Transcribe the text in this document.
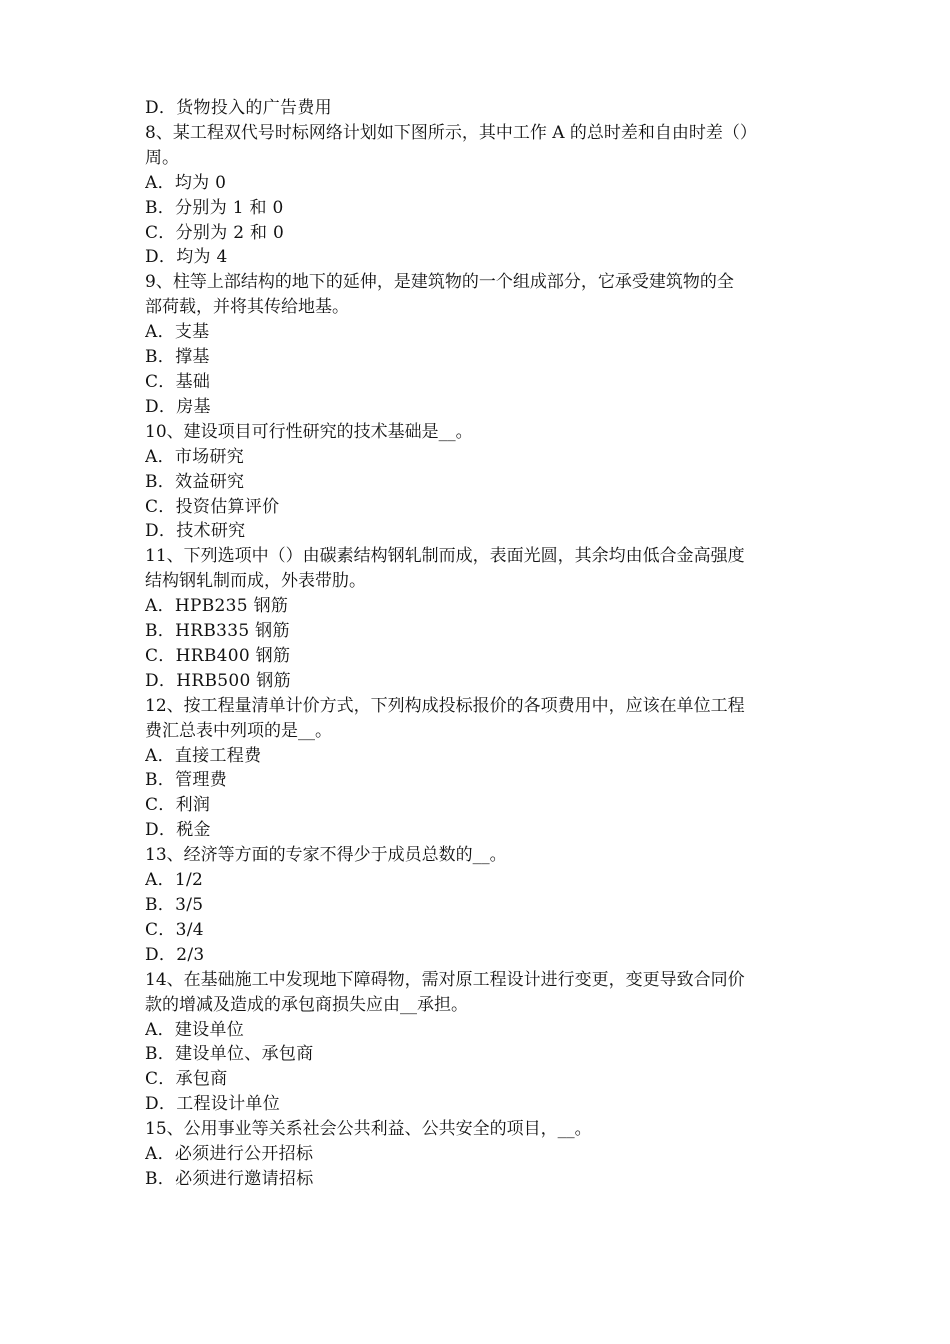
D．货物投入的广告费用
8、某工程双代号时标网络计划如下图所示，其中工作 A 的总时差和自由时差（）
周。
A．均为 0
B．分别为 1 和 0
C．分别为 2 和 0
D．均为 4
9、柱等上部结构的地下的延伸，是建筑物的一个组成部分，它承受建筑物的全
部荷载，并将其传给地基。
A．支基
B．撑基
C．基础
D．房基
10、建设项目可行性研究的技术基础是__。
A．市场研究
B．效益研究
C．投资估算评价
D．技术研究
11、下列选项中（）由碳素结构钢轧制而成，表面光圆，其余均由低合金高强度
结构钢轧制而成，外表带肋。
A．HPB235 钢筋
B．HRB335 钢筋
C．HRB400 钢筋
D．HRB500 钢筋
12、按工程量清单计价方式，下列构成投标报价的各项费用中，应该在单位工程
费汇总表中列项的是__。
A．直接工程费
B．管理费
C．利润
D．税金
13、经济等方面的专家不得少于成员总数的__。
A．1/2
B．3/5
C．3/4
D．2/3
14、在基础施工中发现地下障碍物，需对原工程设计进行变更，变更导致合同价
款的增减及造成的承包商损失应由__承担。
A．建设单位
B．建设单位、承包商
C．承包商
D．工程设计单位
15、公用事业等关系社会公共利益、公共安全的项目，__。
A．必须进行公开招标
B．必须进行邀请招标
